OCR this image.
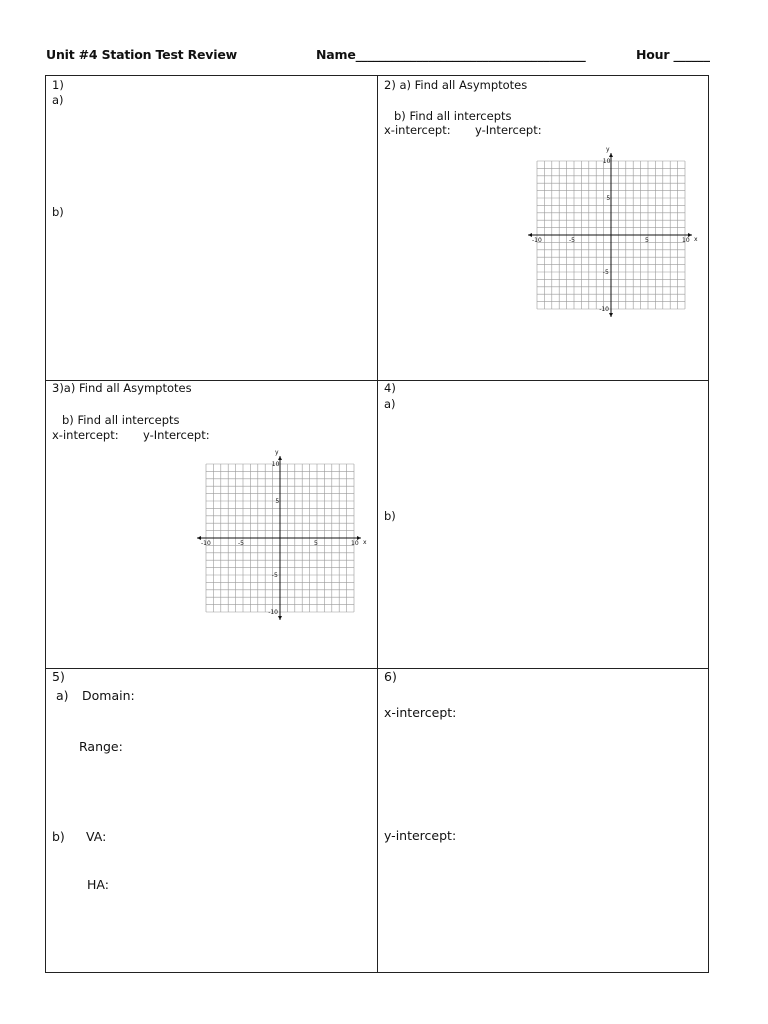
Unit #4 Station Test Review	Name______________________________________	Hour ______
1)
a)
b)
2) a) Find all Asymptotes
b) Find all intercepts
x-intercept: y-Intercept:
x
y
-10	-5	5	10
10
5
-5
-10
3)a) Find all Asymptotes
b) Find all intercepts
x-intercept: y-Intercept:
x
y
-10	-5	5	10
10
5
-5
-10
4)
a)
b)
5)
a) Domain:
Range:
b) VA:
HA:
6)
x-intercept:
y-intercept:
